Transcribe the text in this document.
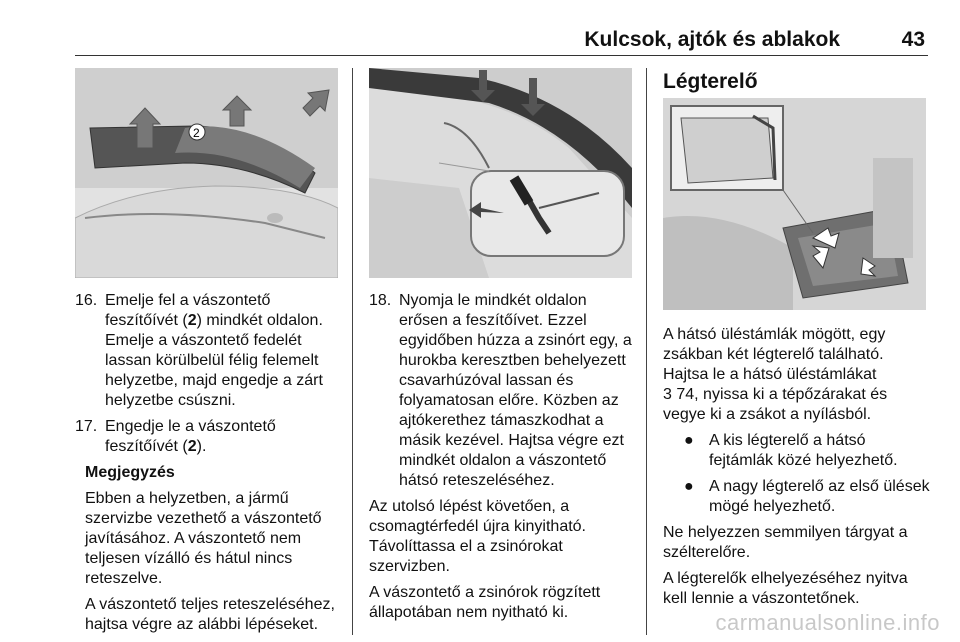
Kulcsok, ajtók és ablakok	43
2
16. Emelje fel a vászontető feszítőívét (2) mindkét oldalon. Emelje a vászontető fedelét lassan körülbelül félig felemelt helyzetbe, majd engedje a zárt helyzetbe csúszni.
17. Engedje le a vászontető feszítőívét (2).

Megjegyzés

Ebben a helyzetben, a jármű szervizbe vezethető a vászontető javításához. A vászontető nem teljesen vízálló és hátul nincs reteszelve.

A vászontető teljes reteszeléséhez, hajtsa végre az alábbi lépéseket.

18. Nyomja le mindkét oldalon erősen a feszítőívet. Ezzel egyidőben húzza a zsinórt egy, a hurokba keresztben behelyezett csavarhúzóval lassan és folyamatosan előre. Közben az ajtókerethez támaszkodhat a másik kezével. Hajtsa végre ezt mindkét oldalon a vászontető hátsó reteszeléséhez.

Az utolsó lépést követően, a csomagtérfedél újra kinyitható. Távolíttassa el a zsinórokat szervizben.

A vászontető a zsinórok rögzített állapotában nem nyitható ki.

Légterelő

A hátsó üléstámlák mögött, egy zsákban két légterelő található. Hajtsa le a hátsó üléstámlákat
3 74, nyissa ki a tépőzárakat és vegye ki a zsákot a nyílásból.

● A kis légterelő a hátsó fejtámlák közé helyezhető.
● A nagy légterelő az első ülések mögé helyezhető.

Ne helyezzen semmilyen tárgyat a szélterelőre.

A légterelők elhelyezéséhez nyitva kell lennie a vászontetőnek.

carmanualsonline.info
